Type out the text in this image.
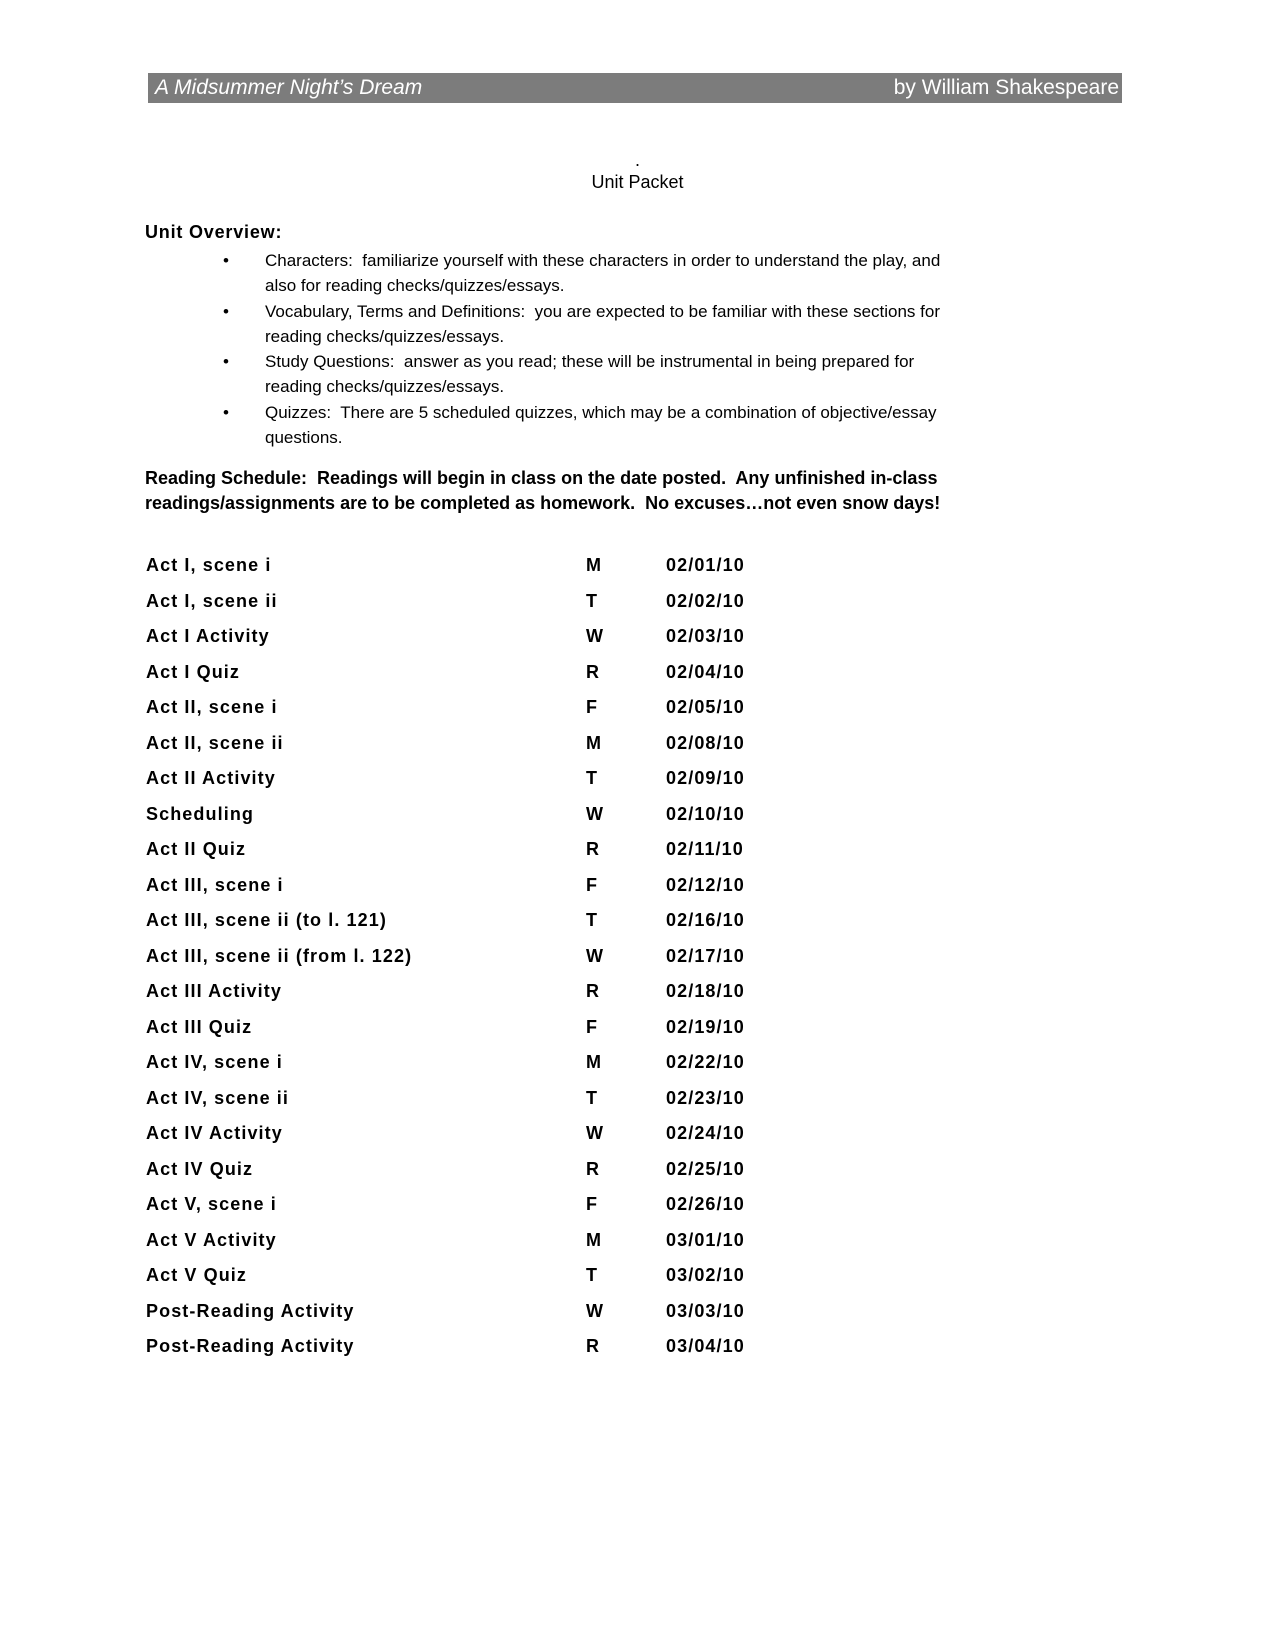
A Midsummer Night’s Dream	by William Shakespeare
.
Unit Packet
Unit Overview:
• Characters:  familiarize yourself with these characters in order to understand the play, and
also for reading checks/quizzes/essays.
• Vocabulary, Terms and Definitions:  you are expected to be familiar with these sections for
reading checks/quizzes/essays.
• Study Questions:  answer as you read; these will be instrumental in being prepared for
reading checks/quizzes/essays.
• Quizzes:  There are 5 scheduled quizzes, which may be a combination of objective/essay
questions.

Reading Schedule:  Readings will begin in class on the date posted.  Any unfinished in-class
readings/assignments are to be completed as homework.  No excuses…not even snow days!

Act I, scene i	M	02/01/10
Act I, scene ii	T	02/02/10
Act I Activity	W	02/03/10
Act I Quiz	R	02/04/10
Act II, scene i	F	02/05/10
Act II, scene ii	M	02/08/10
Act II Activity	T	02/09/10
Scheduling	W	02/10/10
Act II Quiz	R	02/11/10
Act III, scene i	F	02/12/10
Act III, scene ii (to l. 121)	T	02/16/10
Act III, scene ii (from l. 122)	W	02/17/10
Act III Activity	R	02/18/10
Act III Quiz	F	02/19/10
Act IV, scene i	M	02/22/10
Act IV, scene ii	T	02/23/10
Act IV Activity	W	02/24/10
Act IV Quiz	R	02/25/10
Act V, scene i	F	02/26/10
Act V Activity	M	03/01/10
Act V Quiz	T	03/02/10
Post-Reading Activity	W	03/03/10
Post-Reading Activity	R	03/04/10
